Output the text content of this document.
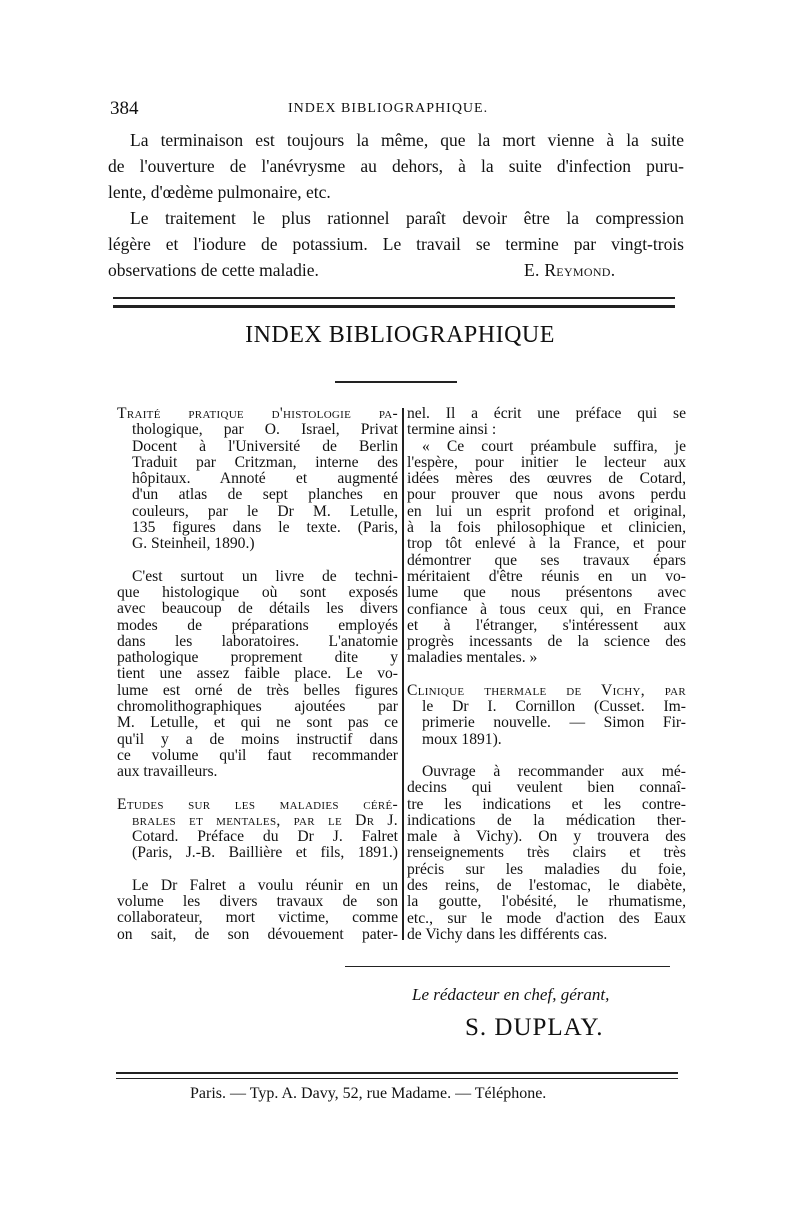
384	INDEX BIBLIOGRAPHIQUE.
La terminaison est toujours la même, que la mort vienne à la suite
de l'ouverture de l'anévrysme au dehors, à la suite d'infection puru-
lente, d'œdème pulmonaire, etc.
Le traitement le plus rationnel paraît devoir être la compression
légère et l'iodure de potassium. Le travail se termine par vingt-trois
observations de cette maladie.	E. Reymond.
INDEX BIBLIOGRAPHIQUE
Traité pratique d'histologie pa-
thologique, par O. Israel, Privat
Docent à l'Université de Berlin
Traduit par Critzman, interne des
hôpitaux. Annoté et augmenté
d'un atlas de sept planches en
couleurs, par le Dr M. Letulle,
135 figures dans le texte. (Paris,
G. Steinheil, 1890.)
C'est surtout un livre de techni-
que histologique où sont exposés
avec beaucoup de détails les divers
modes de préparations employés
dans les laboratoires. L'anatomie
pathologique proprement dite y
tient une assez faible place. Le vo-
lume est orné de très belles figures
chromolithographiques ajoutées par
M. Letulle, et qui ne sont pas ce
qu'il y a de moins instructif dans
ce volume qu'il faut recommander
aux travailleurs.
Etudes sur les maladies céré-
brales et mentales, par le Dr J.
Cotard. Préface du Dr J. Falret
(Paris, J.-B. Baillière et fils, 1891.)
Le Dr Falret a voulu réunir en un
volume les divers travaux de son
collaborateur, mort victime, comme
on sait, de son dévouement pater-
nel. Il a écrit une préface qui se
termine ainsi :
« Ce court préambule suffira, je
l'espère, pour initier le lecteur aux
idées mères des œuvres de Cotard,
pour prouver que nous avons perdu
en lui un esprit profond et original,
à la fois philosophique et clinicien,
trop tôt enlevé à la France, et pour
démontrer que ses travaux épars
méritaient d'être réunis en un vo-
lume que nous présentons avec
confiance à tous ceux qui, en France
et à l'étranger, s'intéressent aux
progrès incessants de la science des
maladies mentales. »
Clinique thermale de Vichy, par
le Dr I. Cornillon (Cusset. Im-
primerie nouvelle. — Simon Fir-
moux 1891).
Ouvrage à recommander aux mé-
decins qui veulent bien connaî-
tre les indications et les contre-
indications de la médication ther-
male à Vichy). On y trouvera des
renseignements très clairs et très
précis sur les maladies du foie,
des reins, de l'estomac, le diabète,
la goutte, l'obésité, le rhumatisme,
etc., sur le mode d'action des Eaux
de Vichy dans les différents cas.
Le rédacteur en chef, gérant,
S. DUPLAY.
Paris. — Typ. A. Davy, 52, rue Madame. — Téléphone.
